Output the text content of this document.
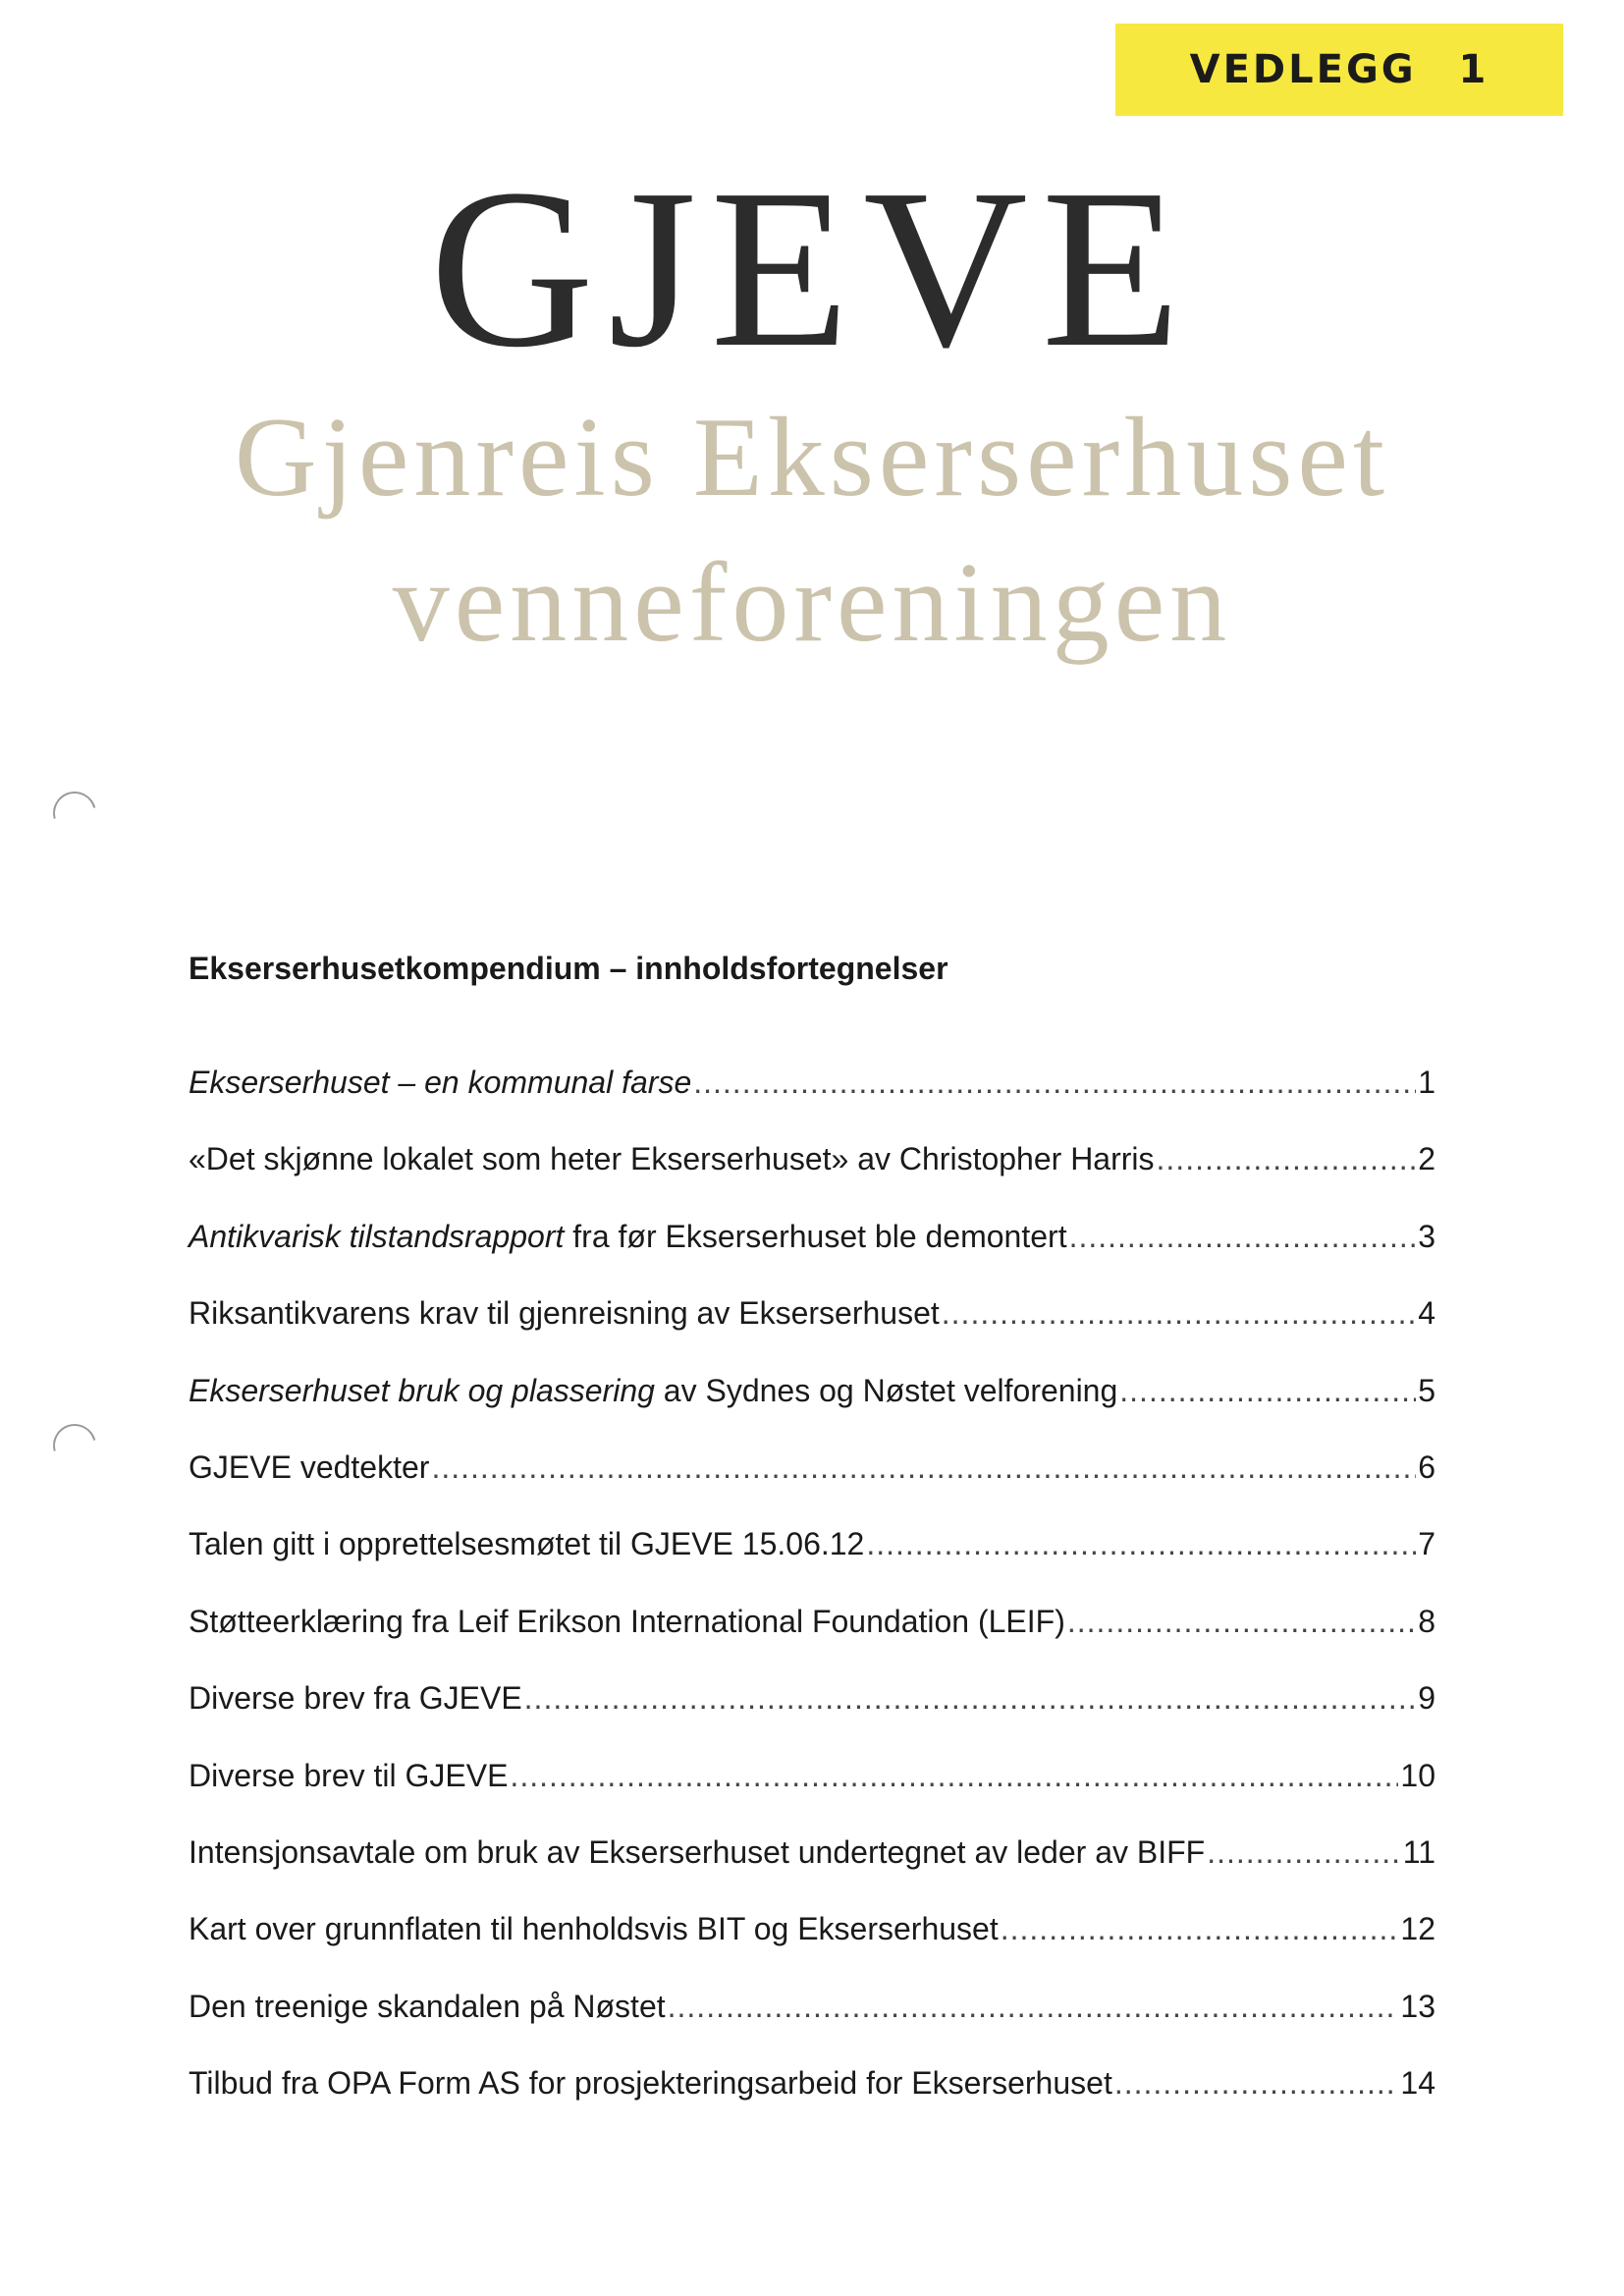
VEDLEGG 1
GJEVE
Gjenreis Ekserserhuset
venneforeningen
Ekserserhusetkompendium – innholdsfortegnelser
Ekserserhuset – en kommunal farse .....	1
«Det skjønne lokalet som heter Ekserserhuset» av Christopher Harris .....	2
Antikvarisk tilstandsrapport fra før Ekserserhuset ble demontert .....	3
Riksantikvarens krav til gjenreisning av Ekserserhuset .....	4
Ekserserhuset bruk og plassering av Sydnes og Nøstet velforening .....	5
GJEVE vedtekter .....	6
Talen gitt i opprettelsesmøtet til GJEVE 15.06.12 .....	7
Støtteerklæring fra Leif Erikson International Foundation (LEIF) .....	8
Diverse brev fra GJEVE .....	9
Diverse brev til GJEVE .....	10
Intensjonsavtale om bruk av Ekserserhuset undertegnet av leder av BIFF .....	11
Kart over grunnflaten til henholdsvis BIT og Ekserserhuset .....	12
Den treenige skandalen på Nøstet .....	13
Tilbud fra OPA Form AS for prosjekteringsarbeid for Ekserserhuset .....	14
